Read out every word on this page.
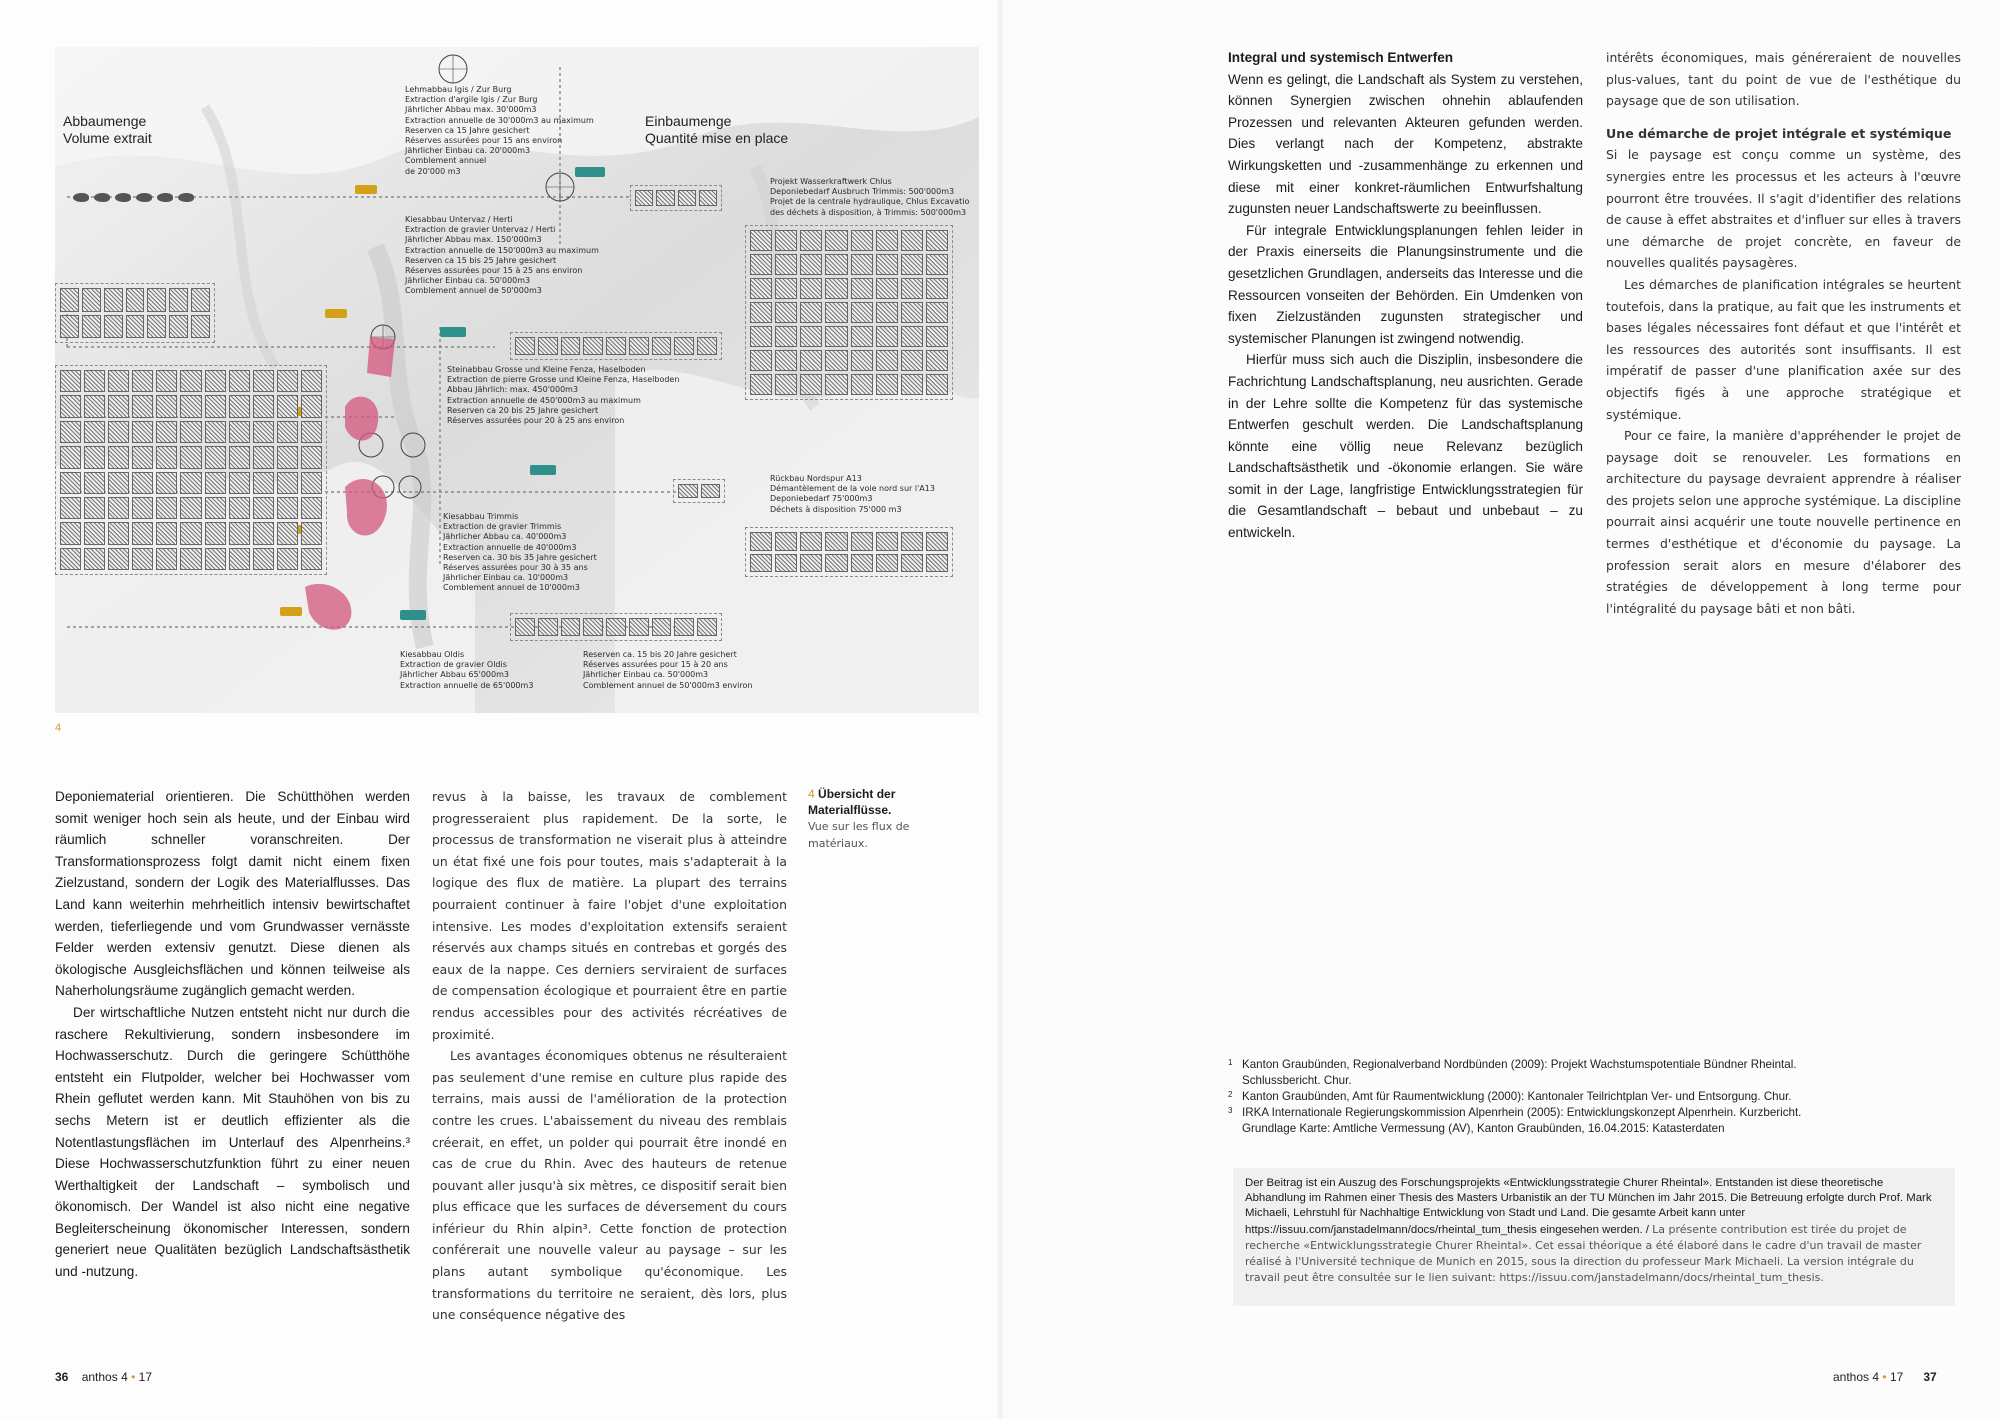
Abbaumenge
Volume extrait
Einbaumenge
Quantité mise en place
Lehmabbau Igis / Zur Burg
Extraction d'argile Igis / Zur Burg
Jährlicher Abbau max. 30'000m3
Extraction annuelle de 30'000m3 au maximum
Reserven ca 15 Jahre gesichert
Réserves assurées pour 15 ans environ
Jährlicher Einbau ca. 20'000m3
Comblement annuel
de 20'000 m3
Projekt Wasserkraftwerk Chlus
Deponiebedarf Ausbruch Trimmis: 500'000m3
Projet de la centrale hydraulique, Chlus Excavatio
des déchets à disposition, à Trimmis: 500'000m3
Kiesabbau Untervaz / Herti
Extraction de gravier Untervaz / Herti
Jährlicher Abbau max. 150'000m3
Extraction annuelle de 150'000m3 au maximum
Reserven ca 15 bis 25 Jahre gesichert
Réserves assurées pour 15 à 25 ans environ
Jährlicher Einbau ca. 50'000m3
Comblement annuel de 50'000m3
Steinabbau Grosse und Kleine Fenza, Haselboden
Extraction de pierre Grosse und Kleine Fenza, Haselboden
Abbau Jährlich: max. 450'000m3
Extraction annuelle de 450'000m3 au maximum
Reserven ca 20 bis 25 Jahre gesichert
Réserves assurées pour 20 à 25 ans environ
Rückbau Nordspur A13
Démantèlement de la voie nord sur l'A13
Deponiebedarf 75'000m3
Déchets à disposition 75'000 m3
Kiesabbau Trimmis
Extraction de gravier Trimmis
Jährlicher Abbau ca. 40'000m3
Extraction annuelle de 40'000m3
Reserven ca. 30 bis 35 Jahre gesichert
Réserves assurées pour 30 à 35 ans
Jährlicher Einbau ca. 10'000m3
Comblement annuel de 10'000m3
Kiesabbau Oldis
Extraction de gravier Oldis
Jährlicher Abbau 65'000m3
Extraction annuelle de 65'000m3
Reserven ca. 15 bis 20 Jahre gesichert
Réserves assurées pour 15 à 20 ans
Jährlicher Einbau ca. 50'000m3
Comblement annuel de 50'000m3 environ
4

Deponiematerial orientieren. Die Schütthöhen werden somit weniger hoch sein als heute, und der Einbau wird räumlich schneller voranschreiten. Der Transformationsprozess folgt damit nicht einem fixen Zielzustand, sondern der Logik des Materialflusses. Das Land kann weiterhin mehrheitlich intensiv bewirtschaftet werden, tieferliegende und vom Grundwasser vernässte Felder werden extensiv genutzt. Diese dienen als ökologische Ausgleichsflächen und können teilweise als Naherholungsräume zugänglich gemacht werden.

Der wirtschaftliche Nutzen entsteht nicht nur durch die raschere Rekultivierung, sondern insbesondere im Hochwasserschutz. Durch die geringere Schütthöhe entsteht ein Flutpolder, welcher bei Hochwasser vom Rhein geflutet werden kann. Mit Stauhöhen von bis zu sechs Metern ist er deutlich effizienter als die Notentlastungsflächen im Unterlauf des Alpenrheins.³ Diese Hochwasserschutzfunktion führt zu einer neuen Werthaltigkeit der Landschaft – symbolisch und ökonomisch. Der Wandel ist also nicht eine negative Begleiterscheinung ökonomischer Interessen, sondern generiert neue Qualitäten bezüglich Landschaftsästhetik und -nutzung.

revus à la baisse, les travaux de comblement progresseraient plus rapidement. De la sorte, le processus de transformation ne viserait plus à atteindre un état fixé une fois pour toutes, mais s'adapterait à la logique des flux de matière. La plupart des terrains pourraient continuer à faire l'objet d'une exploitation intensive. Les modes d'exploitation extensifs seraient réservés aux champs situés en contrebas et gorgés des eaux de la nappe. Ces derniers serviraient de surfaces de compensation écologique et pourraient être en partie rendus accessibles pour des activités récréatives de proximité.

Les avantages économiques obtenus ne résulteraient pas seulement d'une remise en culture plus rapide des terrains, mais aussi de l'amélioration de la protection contre les crues. L'abaissement du niveau des remblais créerait, en effet, un polder qui pourrait être inondé en cas de crue du Rhin. Avec des hauteurs de retenue pouvant aller jusqu'à six mètres, ce dispositif serait bien plus efficace que les surfaces de déversement du cours inférieur du Rhin alpin³. Cette fonction de protection conférerait une nouvelle valeur au paysage – sur les plans autant symbolique qu'économique. Les transformations du territoire ne seraient, dès lors, plus une conséquence négative des

4 Übersicht der Materialflüsse.
Vue sur les flux de matériaux.
Integral und systemisch Entwerfen

Wenn es gelingt, die Landschaft als System zu verstehen, können Synergien zwischen ohnehin ablaufenden Prozessen und relevanten Akteuren gefunden werden. Dies verlangt nach der Kompetenz, abstrakte Wirkungsketten und -zusammenhänge zu erkennen und diese mit einer konkret-räumlichen Entwurfshaltung zugunsten neuer Landschaftswerte zu beeinflussen.

Für integrale Entwicklungsplanungen fehlen leider in der Praxis einerseits die Planungsinstrumente und die gesetzlichen Grundlagen, anderseits das Interesse und die Ressourcen vonseiten der Behörden. Ein Umdenken von fixen Zielzuständen zugunsten strategischer und systemischer Planungen ist zwingend notwendig.

Hierfür muss sich auch die Disziplin, insbesondere die Fachrichtung Landschaftsplanung, neu ausrichten. Gerade in der Lehre sollte die Kompetenz für das systemische Entwerfen geschult werden. Die Landschaftsplanung könnte eine völlig neue Relevanz bezüglich Landschaftsästhetik und -ökonomie erlangen. Sie wäre somit in der Lage, langfristige Entwicklungsstrategien für die Gesamtlandschaft – bebaut und unbebaut – zu entwickeln.

intérêts économiques, mais généreraient de nouvelles plus-values, tant du point de vue de l'esthétique du paysage que de son utilisation.

Une démarche de projet intégrale et systémique

Si le paysage est conçu comme un système, des synergies entre les processus et les acteurs à l'œuvre pourront être trouvées. Il s'agit d'identifier des relations de cause à effet abstraites et d'influer sur elles à travers une démarche de projet concrète, en faveur de nouvelles qualités paysagères.

Les démarches de planification intégrales se heurtent toutefois, dans la pratique, au fait que les instruments et bases légales nécessaires font défaut et que l'intérêt et les ressources des autorités sont insuffisants. Il est impératif de passer d'une planification axée sur des objectifs figés à une approche stratégique et systémique.

Pour ce faire, la manière d'appréhender le projet de paysage doit se renouveler. Les formations en architecture du paysage devraient apprendre à réaliser des projets selon une approche systémique. La discipline pourrait ainsi acquérir une toute nouvelle pertinence en termes d'esthétique et d'économie du paysage. La profession serait alors en mesure d'élaborer des stratégies de développement à long terme pour l'intégralité du paysage bâti et non bâti.

1 Kanton Graubünden, Regionalverband Nordbünden (2009): Projekt Wachstumspotentiale Bündner Rheintal. Schlussbericht. Chur.
2 Kanton Graubünden, Amt für Raumentwicklung (2000): Kantonaler Teilrichtplan Ver- und Entsorgung. Chur.
3 IRKA Internationale Regierungskommission Alpenrhein (2005): Entwicklungskonzept Alpenrhein. Kurzbericht.
Grundlage Karte: Amtliche Vermessung (AV), Kanton Graubünden, 16.04.2015: Katasterdaten
Der Beitrag ist ein Auszug des Forschungsprojekts «Entwicklungsstrategie Churer Rheintal». Entstanden ist diese theoretische Abhandlung im Rahmen einer Thesis des Masters Urbanistik an der TU München im Jahr 2015. Die Betreuung erfolgte durch Prof. Mark Michaeli, Lehrstuhl für Nachhaltige Entwicklung von Stadt und Land. Die gesamte Arbeit kann unter https://issuu.com/janstadelmann/docs/rheintal_tum_thesis eingesehen werden. / La présente contribution est tirée du projet de recherche «Entwicklungsstrategie Churer Rheintal». Cet essai théorique a été élaboré dans le cadre d'un travail de master réalisé à l'Université technique de Munich en 2015, sous la direction du professeur Mark Michaeli. La version intégrale du travail peut être consultée sur le lien suivant: https://issuu.com/janstadelmann/docs/rheintal_tum_thesis.
36 anthos 4 • 17	anthos 4 • 17 37
